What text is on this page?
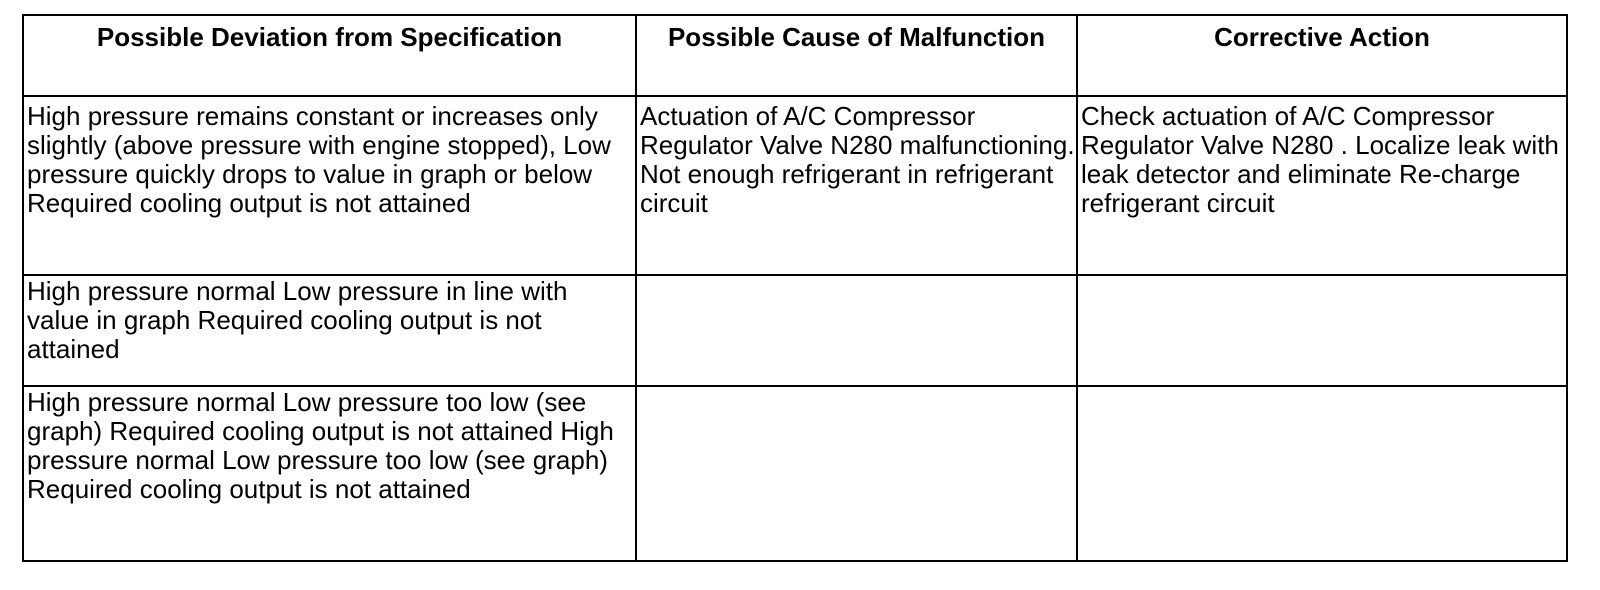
Possible Deviation from Specification	Possible Cause of Malfunction	Corrective Action

High pressure remains constant or increases only slightly (above pressure with engine stopped), Low pressure quickly drops to value in graph or below Required cooling output is not attained	Actuation of A/C Compressor Regulator Valve N280 malfunctioning. Not enough refrigerant in refrigerant circuit	Check actuation of A/C Compressor Regulator Valve N280 . Localize leak with leak detector and eliminate Re-charge refrigerant circuit

High pressure normal Low pressure in line with value in graph Required cooling output is not attained		

High pressure normal Low pressure too low (see graph) Required cooling output is not attained High pressure normal Low pressure too low (see graph) Required cooling output is not attained		
